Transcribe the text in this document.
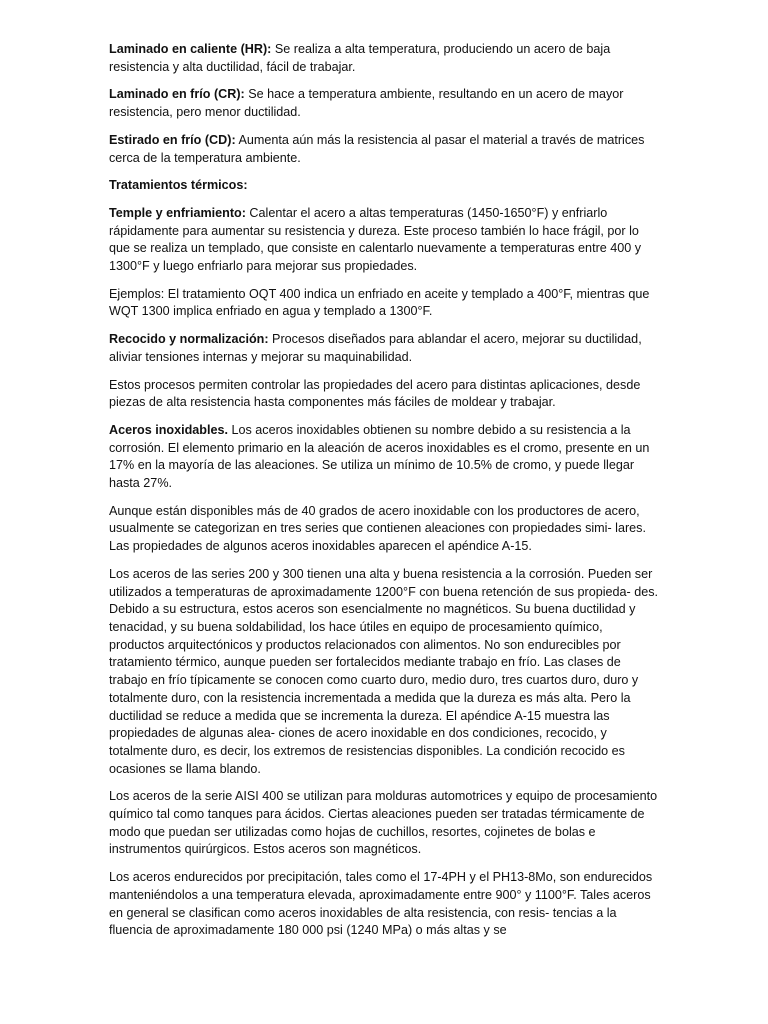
Laminado en caliente (HR): Se realiza a alta temperatura, produciendo un acero de baja resistencia y alta ductilidad, fácil de trabajar.

Laminado en frío (CR): Se hace a temperatura ambiente, resultando en un acero de mayor resistencia, pero menor ductilidad.

Estirado en frío (CD): Aumenta aún más la resistencia al pasar el material a través de matrices cerca de la temperatura ambiente.

Tratamientos térmicos:

Temple y enfriamiento: Calentar el acero a altas temperaturas (1450-1650°F) y enfriarlo rápidamente para aumentar su resistencia y dureza. Este proceso también lo hace frágil, por lo que se realiza un templado, que consiste en calentarlo nuevamente a temperaturas entre 400 y 1300°F y luego enfriarlo para mejorar sus propiedades.

Ejemplos: El tratamiento OQT 400 indica un enfriado en aceite y templado a 400°F, mientras que WQT 1300 implica enfriado en agua y templado a 1300°F.

Recocido y normalización: Procesos diseñados para ablandar el acero, mejorar su ductilidad, aliviar tensiones internas y mejorar su maquinabilidad.

Estos procesos permiten controlar las propiedades del acero para distintas aplicaciones, desde piezas de alta resistencia hasta componentes más fáciles de moldear y trabajar.

Aceros inoxidables. Los aceros inoxidables obtienen su nombre debido a su resistencia a la corrosión. El elemento primario en la aleación de aceros inoxidables es el cromo, presente en un 17% en la mayoría de las aleaciones. Se utiliza un mínimo de 10.5% de cromo, y puede llegar hasta 27%.

Aunque están disponibles más de 40 grados de acero inoxidable con los productores de acero, usualmente se categorizan en tres series que contienen aleaciones con propiedades simi- lares. Las propiedades de algunos aceros inoxidables aparecen el apéndice A-15.

Los aceros de las series 200 y 300 tienen una alta y buena resistencia a la corrosión. Pueden ser utilizados a temperaturas de aproximadamente 1200°F con buena retención de sus propieda- des. Debido a su estructura, estos aceros son esencialmente no magnéticos. Su buena ductilidad y tenacidad, y su buena soldabilidad, los hace útiles en equipo de procesamiento químico, productos arquitectónicos y productos relacionados con alimentos. No son endurecibles por tratamiento térmico, aunque pueden ser fortalecidos mediante trabajo en frío. Las clases de trabajo en frío típicamente se conocen como cuarto duro, medio duro, tres cuartos duro, duro y totalmente duro, con la resistencia incrementada a medida que la dureza es más alta. Pero la ductilidad se reduce a medida que se incrementa la dureza. El apéndice A-15 muestra las propiedades de algunas alea- ciones de acero inoxidable en dos condiciones, recocido, y totalmente duro, es decir, los extremos de resistencias disponibles. La condición recocido es ocasiones se llama blando.

Los aceros de la serie AISI 400 se utilizan para molduras automotrices y equipo de procesamiento químico tal como tanques para ácidos. Ciertas aleaciones pueden ser tratadas térmicamente de modo que puedan ser utilizadas como hojas de cuchillos, resortes, cojinetes de bolas e instrumentos quirúrgicos. Estos aceros son magnéticos.

Los aceros endurecidos por precipitación, tales como el 17-4PH y el PH13-8Mo, son endurecidos manteniéndolos a una temperatura elevada, aproximadamente entre 900° y 1100°F. Tales aceros en general se clasifican como aceros inoxidables de alta resistencia, con resis- tencias a la fluencia de aproximadamente 180 000 psi (1240 MPa) o más altas y se
